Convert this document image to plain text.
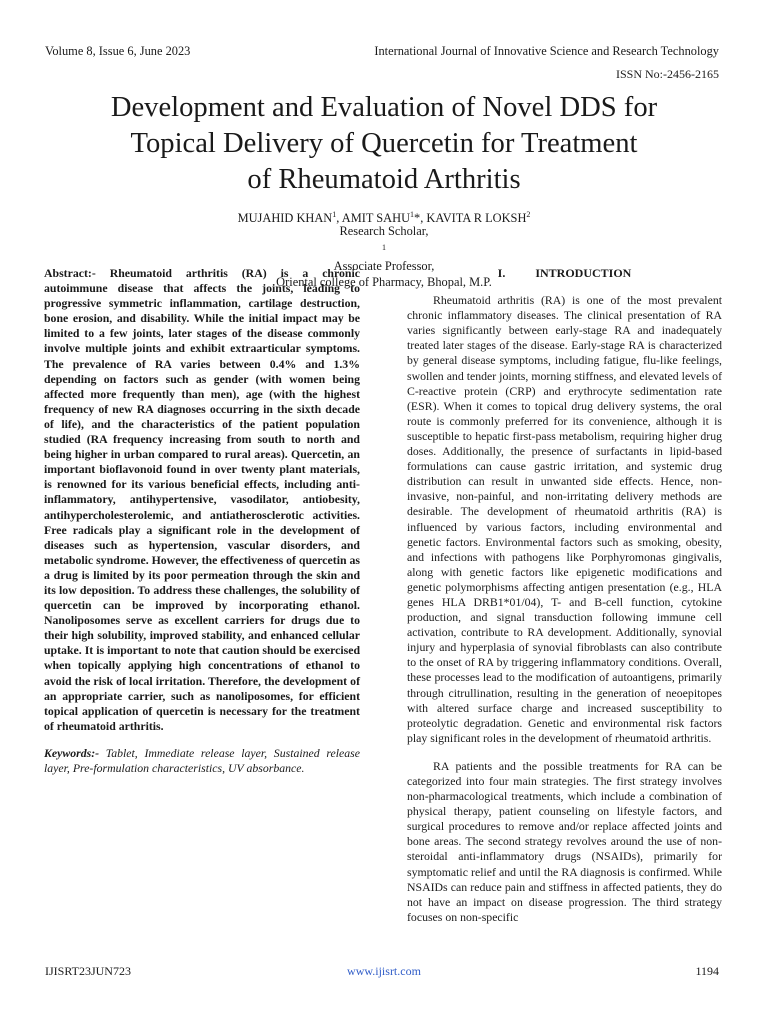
Volume 8, Issue 6, June 2023	International Journal of Innovative Science and Research Technology
ISSN No:-2456-2165
Development and Evaluation of Novel DDS for
Topical Delivery of Quercetin for Treatment
of Rheumatoid Arthritis
MUJAHID KHAN$^1$, AMIT SAHU$^1$*, KAVITA R LOKSH$^2$
Research Scholar,
$^1$
Associate Professor,
Oriental college of Pharmacy, Bhopal, M.P.

Abstract:- Rheumatoid arthritis (RA) is a chronic autoimmune disease that affects the joints, leading to progressive symmetric inflammation, cartilage destruction, bone erosion, and disability. While the initial impact may be limited to a few joints, later stages of the disease commonly involve multiple joints and exhibit extraarticular symptoms. The prevalence of RA varies between 0.4% and 1.3% depending on factors such as gender (with women being affected more frequently than men), age (with the highest frequency of new RA diagnoses occurring in the sixth decade of life), and the characteristics of the patient population studied (RA frequency increasing from south to north and being higher in urban compared to rural areas). Quercetin, an important bioflavonoid found in over twenty plant materials, is renowned for its various beneficial effects, including anti-inflammatory, antihypertensive, vasodilator, antiobesity, antihypercholesterolemic, and antiatherosclerotic activities. Free radicals play a significant role in the development of diseases such as hypertension, vascular disorders, and metabolic syndrome. However, the effectiveness of quercetin as a drug is limited by its poor permeation through the skin and its low deposition. To address these challenges, the solubility of quercetin can be improved by incorporating ethanol. Nanoliposomes serve as excellent carriers for drugs due to their high solubility, improved stability, and enhanced cellular uptake. It is important to note that caution should be exercised when topically applying high concentrations of ethanol to avoid the risk of local irritation. Therefore, the development of an appropriate carrier, such as nanoliposomes, for efficient topical application of quercetin is necessary for the treatment of rheumatoid arthritis.

Keywords:- Tablet, Immediate release layer, Sustained release layer, Pre-formulation characteristics, UV absorbance.

I.	INTRODUCTION

Rheumatoid arthritis (RA) is one of the most prevalent chronic inflammatory diseases. The clinical presentation of RA varies significantly between early-stage RA and inadequately treated later stages of the disease. Early-stage RA is characterized by general disease symptoms, including fatigue, flu-like feelings, swollen and tender joints, morning stiffness, and elevated levels of C-reactive protein (CRP) and erythrocyte sedimentation rate (ESR). When it comes to topical drug delivery systems, the oral route is commonly preferred for its convenience, although it is susceptible to hepatic first-pass metabolism, requiring higher drug doses. Additionally, the presence of surfactants in lipid-based formulations can cause gastric irritation, and systemic drug distribution can result in unwanted side effects. Hence, non-invasive, non-painful, and non-irritating delivery methods are desirable. The development of rheumatoid arthritis (RA) is influenced by various factors, including environmental and genetic factors. Environmental factors such as smoking, obesity, and infections with pathogens like Porphyromonas gingivalis, along with genetic factors like epigenetic modifications and genetic polymorphisms affecting antigen presentation (e.g., HLA genes HLA DRB1*01/04), T- and B-cell function, cytokine production, and signal transduction following immune cell activation, contribute to RA development. Additionally, synovial injury and hyperplasia of synovial fibroblasts can also contribute to the onset of RA by triggering inflammatory conditions. Overall, these processes lead to the modification of autoantigens, primarily through citrullination, resulting in the generation of neoepitopes with altered surface charge and increased susceptibility to proteolytic degradation. Genetic and environmental risk factors play significant roles in the development of rheumatoid arthritis.

RA patients and the possible treatments for RA can be categorized into four main strategies. The first strategy involves non-pharmacological treatments, which include a combination of physical therapy, patient counseling on lifestyle factors, and surgical procedures to remove and/or replace affected joints and bone areas. The second strategy revolves around the use of non-steroidal anti-inflammatory drugs (NSAIDs), primarily for symptomatic relief and until the RA diagnosis is confirmed. While NSAIDs can reduce pain and stiffness in affected patients, they do not have an impact on disease progression. The third strategy focuses on non-specific

IJISRT23JUN723	www.ijisrt.com	1194
